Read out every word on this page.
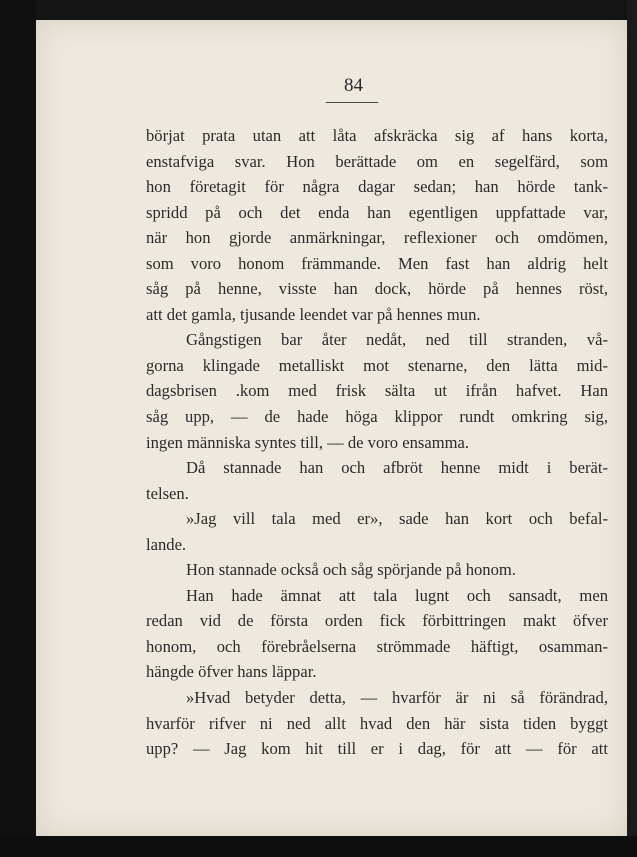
84
börjat prata utan att låta afskräcka sig af hans korta,
enstafviga svar. Hon berättade om en segelfärd, som
hon företagit för några dagar sedan; han hörde tank-
spridd på och det enda han egentligen uppfattade var,
när hon gjorde anmärkningar, reflexioner och omdömen,
som voro honom främmande. Men fast han aldrig helt
såg på henne, visste han dock, hörde på hennes röst,
att det gamla, tjusande leendet var på hennes mun.
Gångstigen bar åter nedåt, ned till stranden, vå-
gorna klingade metalliskt mot stenarne, den lätta mid-
dagsbrisen .kom med frisk sälta ut ifrån hafvet. Han
såg upp, — de hade höga klippor rundt omkring sig,
ingen människa syntes till, — de voro ensamma.
Då stannade han och afbröt henne midt i berät-
telsen.
»Jag vill tala med er», sade han kort och befal-
lande.
Hon stannade också och såg spörjande på honom.
Han hade ämnat att tala lugnt och sansadt, men
redan vid de första orden fick förbittringen makt öfver
honom, och förebråelserna strömmade häftigt, osamman-
hängde öfver hans läppar.
»Hvad betyder detta, — hvarför är ni så förändrad,
hvarför rifver ni ned allt hvad den här sista tiden byggt
upp? — Jag kom hit till er i dag, för att — för att
